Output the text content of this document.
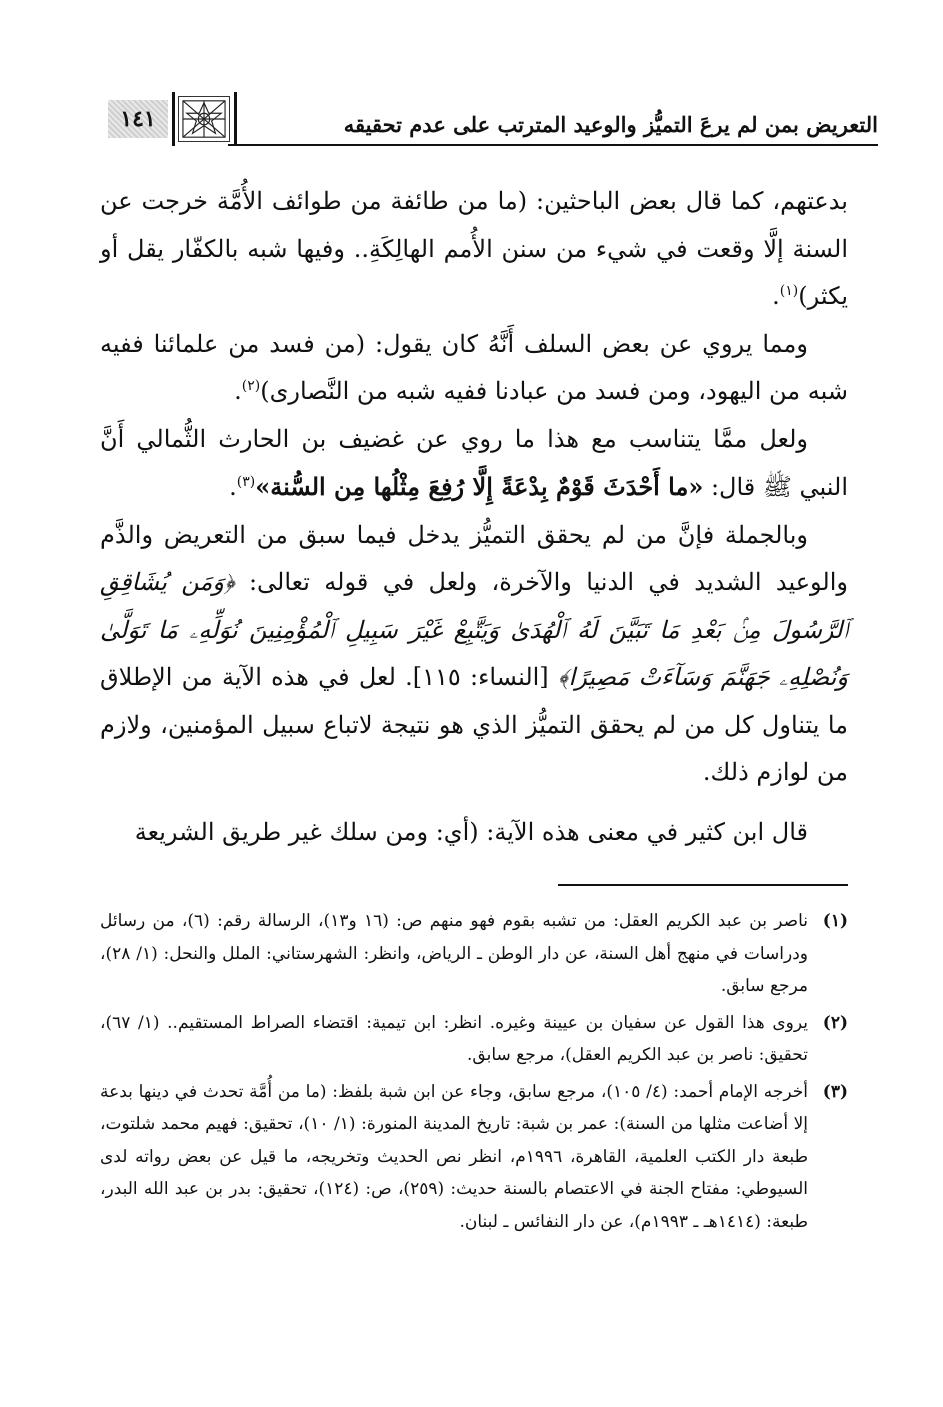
التعريض بمن لم يرعَ التميُّز والوعيد المترتب على عدم تحقيقه
١٤١

بدعتهم، كما قال بعض الباحثين: (ما من طائفة من طوائف الأُمَّة خرجت عن السنة إلَّا وقعت في شيء من سنن الأُمم الهالِكَةِ.. وفيها شبه بالكفّار يقل أو يكثر)$^{(١)}$.

ومما يروي عن بعض السلف أَنَّهُ كان يقول: (من فسد من علمائنا ففيه شبه من اليهود، ومن فسد من عبادنا ففيه شبه من النَّصارى)$^{(٢)}$.

ولعل ممَّا يتناسب مع هذا ما روي عن غضيف بن الحارث الثُّمالي أَنَّ النبي ﷺ قال: «ما أَحْدَثَ قَوْمٌ بِدْعَةً إِلَّا رُفِعَ مِثْلُها مِن السُّنة»$^{(٣)}$.

وبالجملة فإنَّ من لم يحقق التميُّز يدخل فيما سبق من التعريض والذَّم والوعيد الشديد في الدنيا والآخرة، ولعل في قوله تعالى: ﴿وَمَن يُشَاقِقِ ٱلرَّسُولَ مِنۢ بَعْدِ مَا تَبَيَّنَ لَهُ ٱلْهُدَىٰ وَيَتَّبِعْ غَيْرَ سَبِيلِ ٱلْمُؤْمِنِينَ نُوَلِّهِۦ مَا تَوَلَّىٰ وَنُصْلِهِۦ جَهَنَّمَ وَسَآءَتْ مَصِيرًا﴾ [النساء: ١١٥]. لعل في هذه الآية من الإطلاق ما يتناول كل من لم يحقق التميُّز الذي هو نتيجة لاتباع سبيل المؤمنين، ولازم من لوازم ذلك.

قال ابن كثير في معنى هذه الآية: (أي: ومن سلك غير طريق الشريعة

(١)
ناصر بن عبد الكريم العقل: من تشبه بقوم فهو منهم ص: (١٦ و١٣)، الرسالة رقم: (٦)، من رسائل ودراسات في منهج أهل السنة، عن دار الوطن ـ الرياض، وانظر: الشهرستاني: الملل والنحل: (١/ ٢٨)، مرجع سابق.
(٢)
يروى هذا القول عن سفيان بن عيينة وغيره. انظر: ابن تيمية: اقتضاء الصراط المستقيم.. (١/ ٦٧)، تحقيق: ناصر بن عبد الكريم العقل)، مرجع سابق.
(٣)
أخرجه الإمام أحمد: (٤/ ١٠٥)، مرجع سابق، وجاء عن ابن شبة بلفظ: (ما من أُمَّة تحدث في دينها بدعة إلا أضاعت مثلها من السنة): عمر بن شبة: تاريخ المدينة المنورة: (١/ ١٠)، تحقيق: فهيم محمد شلتوت، طبعة دار الكتب العلمية، القاهرة، ١٩٩٦م، انظر نص الحديث وتخريجه، ما قيل عن بعض رواته لدى السيوطي: مفتاح الجنة في الاعتصام بالسنة حديث: (٢٥٩)، ص: (١٢٤)، تحقيق: بدر بن عبد الله البدر، طبعة: (١٤١٤هـ ـ ١٩٩٣م)، عن دار النفائس ـ لبنان.
